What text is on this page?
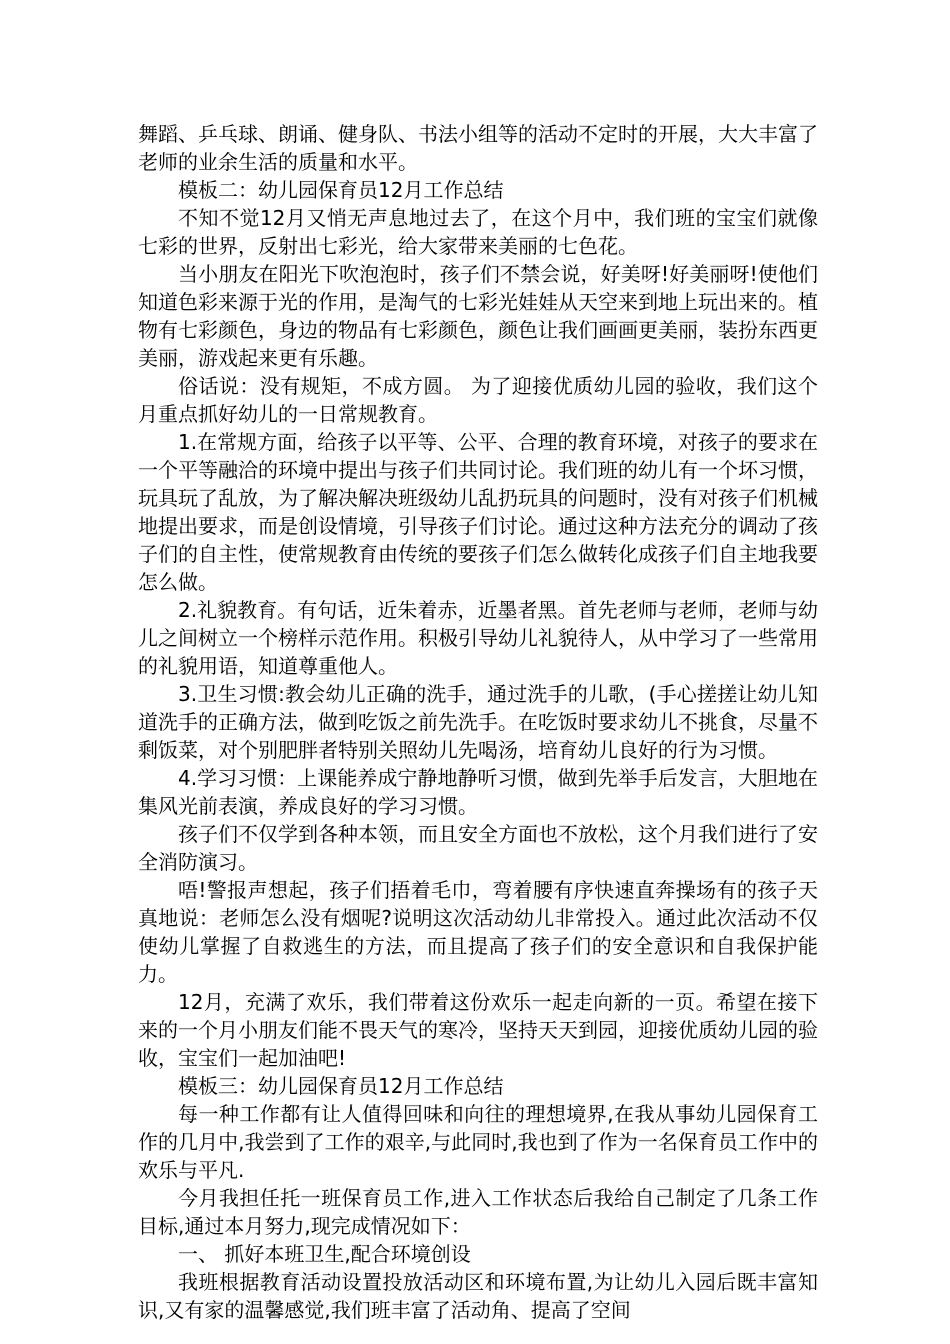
舞蹈、乒乓球、朗诵、健身队、书法小组等的活动不定时的开展，大大丰富了老师的业余生活的质量和水平。

模板二：幼儿园保育员12月工作总结

不知不觉12月又悄无声息地过去了，在这个月中，我们班的宝宝们就像七彩的世界，反射出七彩光，给大家带来美丽的七色花。

当小朋友在阳光下吹泡泡时，孩子们不禁会说，好美呀!好美丽呀!使他们知道色彩来源于光的作用，是淘气的七彩光娃娃从天空来到地上玩出来的。植物有七彩颜色，身边的物品有七彩颜色，颜色让我们画画更美丽，装扮东西更美丽，游戏起来更有乐趣。

俗话说：没有规矩，不成方圆。 为了迎接优质幼儿园的验收，我们这个月重点抓好幼儿的一日常规教育。

1.在常规方面，给孩子以平等、公平、合理的教育环境，对孩子的要求在一个平等融洽的环境中提出与孩子们共同讨论。我们班的幼儿有一个坏习惯，玩具玩了乱放，为了解决解决班级幼儿乱扔玩具的问题时，没有对孩子们机械地提出要求，而是创设情境，引导孩子们讨论。通过这种方法充分的调动了孩子们的自主性，使常规教育由传统的要孩子们怎么做转化成孩子们自主地我要怎么做。

2.礼貌教育。有句话，近朱着赤，近墨者黑。首先老师与老师，老师与幼儿之间树立一个榜样示范作用。积极引导幼儿礼貌待人，从中学习了一些常用的礼貌用语，知道尊重他人。

3.卫生习惯:教会幼儿正确的洗手，通过洗手的儿歌，(手心搓搓让幼儿知道洗手的正确方法，做到吃饭之前先洗手。在吃饭时要求幼儿不挑食，尽量不剩饭菜，对个别肥胖者特别关照幼儿先喝汤，培育幼儿良好的行为习惯。

4.学习习惯：上课能养成宁静地静听习惯，做到先举手后发言，大胆地在集风光前表演，养成良好的学习习惯。

孩子们不仅学到各种本领，而且安全方面也不放松，这个月我们进行了安全消防演习。

唔!警报声想起，孩子们捂着毛巾，弯着腰有序快速直奔操场有的孩子天真地说：老师怎么没有烟呢?说明这次活动幼儿非常投入。通过此次活动不仅使幼儿掌握了自救逃生的方法，而且提高了孩子们的安全意识和自我保护能力。

12月，充满了欢乐，我们带着这份欢乐一起走向新的一页。希望在接下来的一个月小朋友们能不畏天气的寒冷，坚持天天到园，迎接优质幼儿园的验收，宝宝们一起加油吧!

模板三：幼儿园保育员12月工作总结

每一种工作都有让人值得回味和向往的理想境界,在我从事幼儿园保育工作的几月中,我尝到了工作的艰辛,与此同时,我也到了作为一名保育员工作中的欢乐与平凡.

今月我担任托一班保育员工作,进入工作状态后我给自己制定了几条工作目标,通过本月努力,现完成情况如下：

一、 抓好本班卫生,配合环境创设

我班根据教育活动设置投放活动区和环境布置,为让幼儿入园后既丰富知识,又有家的温馨感觉,我们班丰富了活动角、提高了空间
